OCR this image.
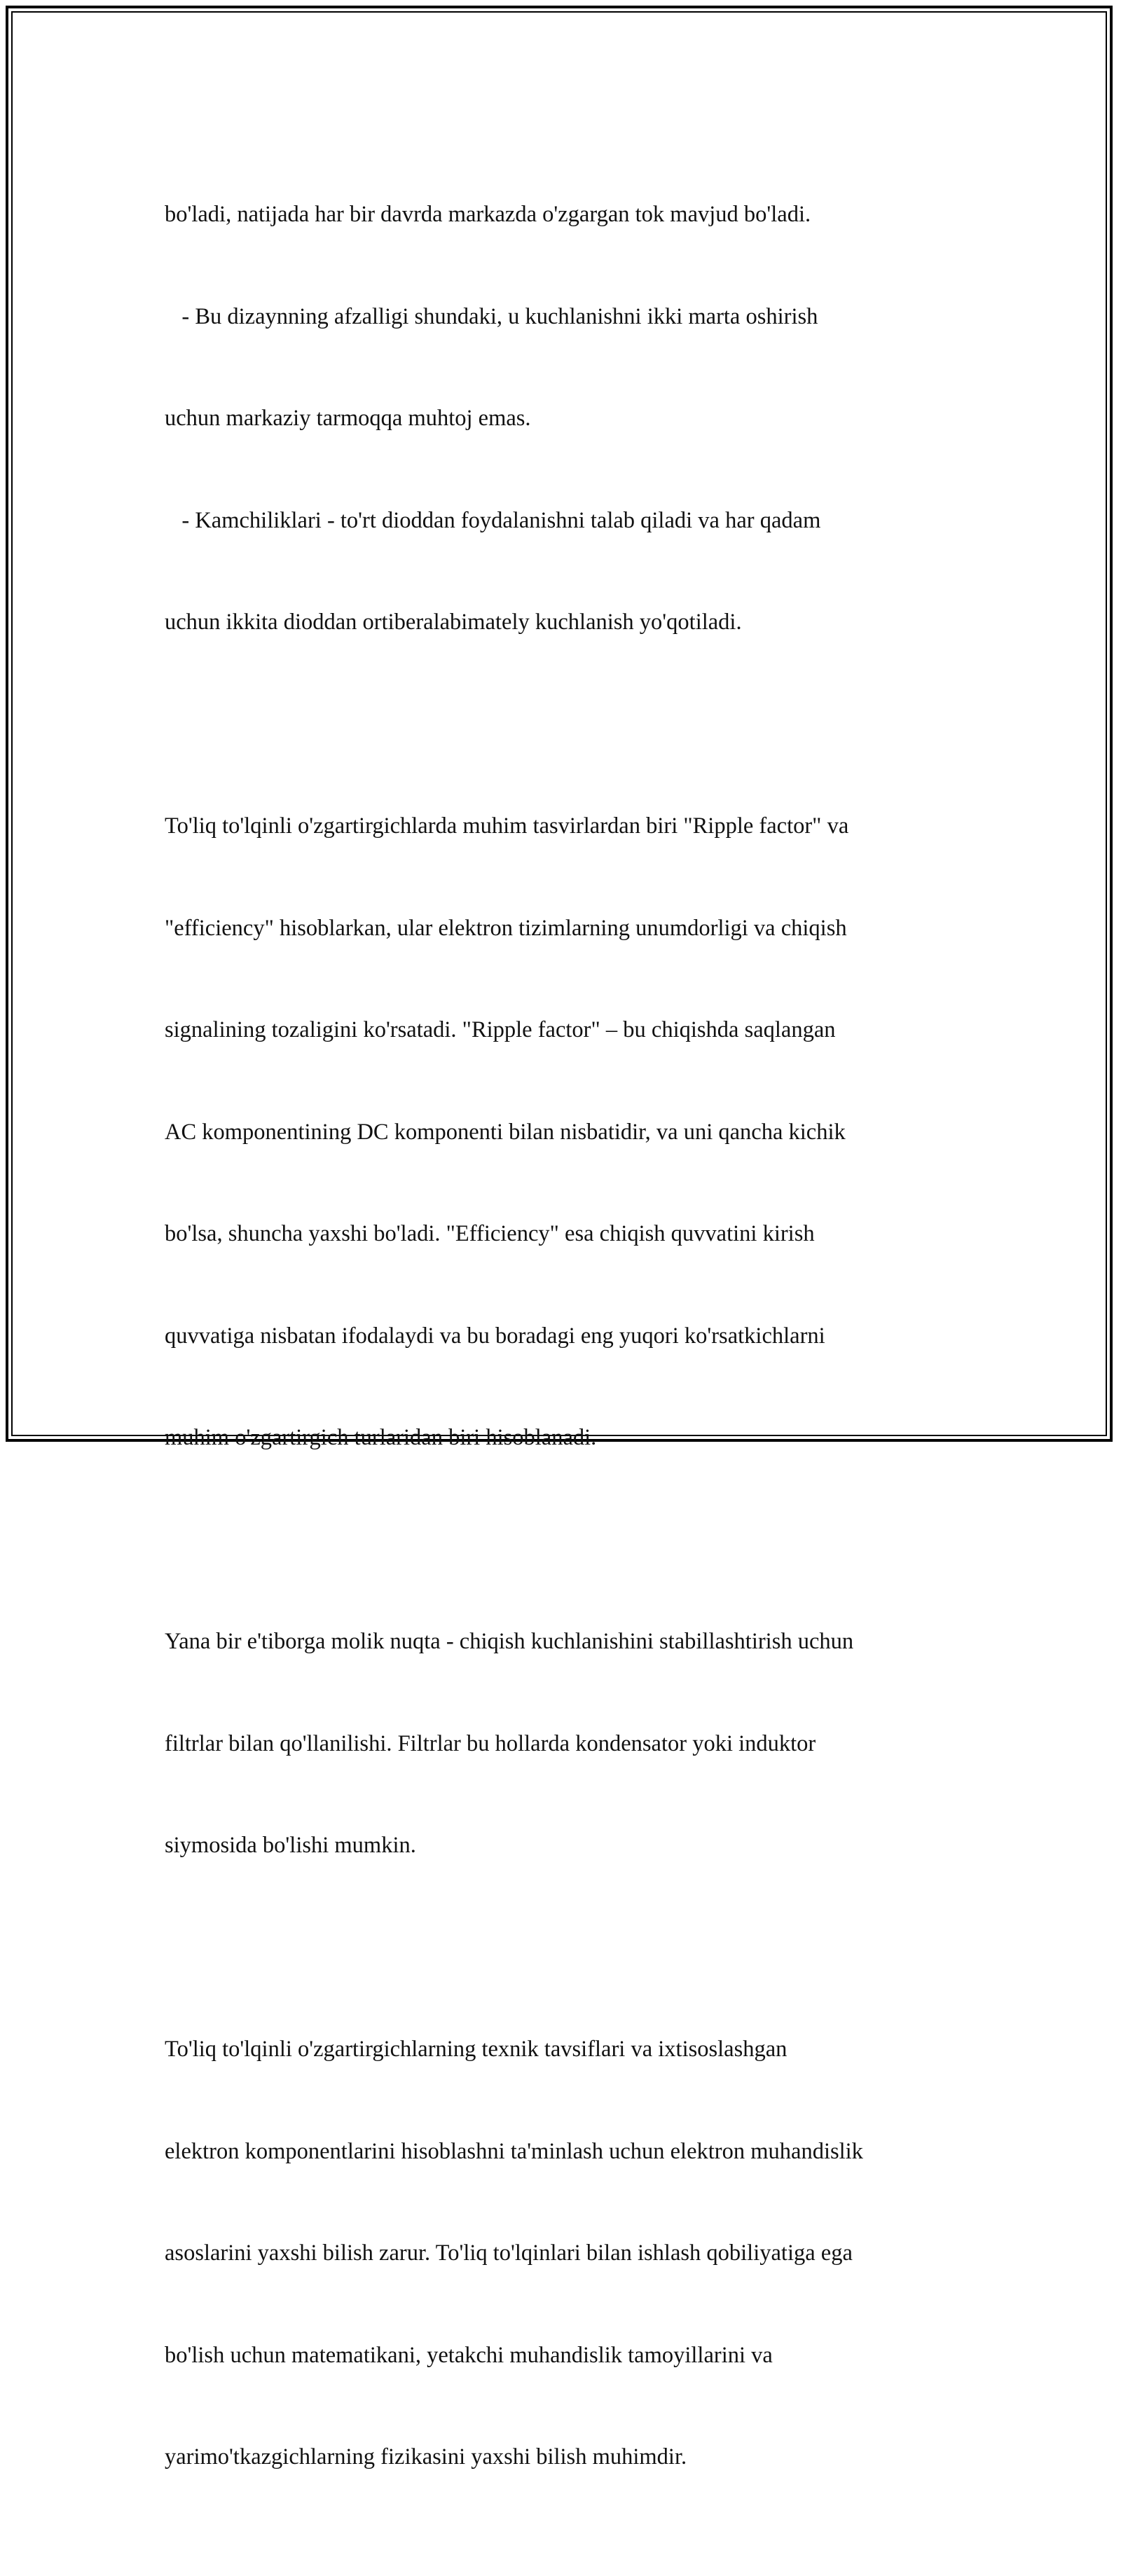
bo'ladi, natijada har bir davrda markazda o'zgargan tok mavjud bo'ladi.

- Bu dizaynning afzalligi shundaki, u kuchlanishni ikki marta oshirish

uchun markaziy tarmoqqa muhtoj emas.

- Kamchiliklari - to'rt dioddan foydalanishni talab qiladi va har qadam

uchun ikkita dioddan ortiberalabimately kuchlanish yo'qotiladi.

To'liq to'lqinli o'zgartirgichlarda muhim tasvirlardan biri "Ripple factor" va

"efficiency" hisoblarkan, ular elektron tizimlarning unumdorligi va chiqish

signalining tozaligini ko'rsatadi. "Ripple factor" – bu chiqishda saqlangan

AC komponentining DC komponenti bilan nisbatidir, va uni qancha kichik

bo'lsa, shuncha yaxshi bo'ladi. "Efficiency" esa chiqish quvvatini kirish

quvvatiga nisbatan ifodalaydi va bu boradagi eng yuqori ko'rsatkichlarni

muhim o'zgartirgich turlaridan biri hisoblanadi.

Yana bir e'tiborga molik nuqta - chiqish kuchlanishini stabillashtirish uchun

filtrlar bilan qo'llanilishi. Filtrlar bu hollarda kondensator yoki induktor

siymosida bo'lishi mumkin.

To'liq to'lqinli o'zgartirgichlarning texnik tavsiflari va ixtisoslashgan

elektron komponentlarini hisoblashni ta'minlash uchun elektron muhandislik

asoslarini yaxshi bilish zarur. To'liq to'lqinlari bilan ishlash qobiliyatiga ega

bo'lish uchun matematikani, yetakchi muhandislik tamoyillarini va

yarimo'tkazgichlarning fizikasini yaxshi bilish muhimdir.
